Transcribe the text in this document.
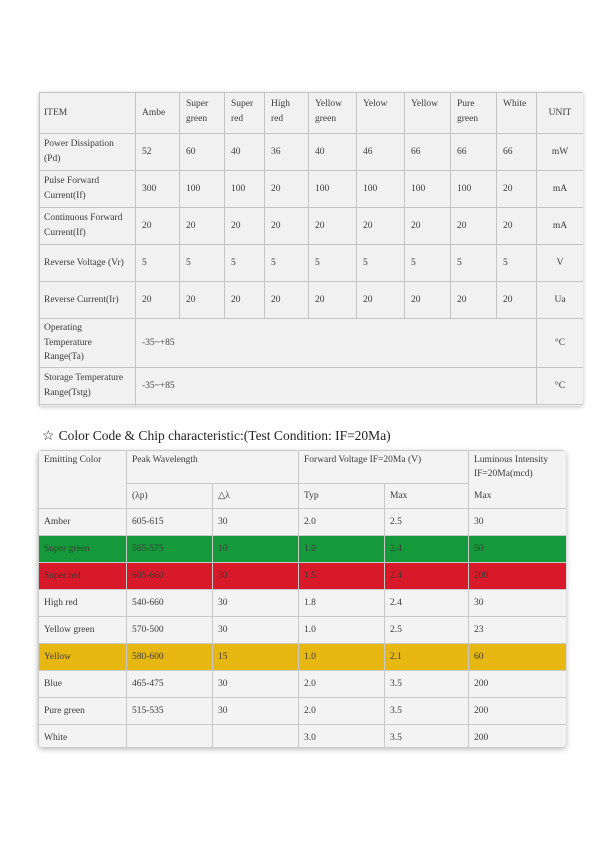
ITEM	Ambe	Super green	Super red	High red	Yellow green	Yelow	Yellow	Pure green	White	UNIT
Power Dissipation (Pd)	52	60	40	36	40	46	66	66	66	mW
Pulse Forward Current(If)	300	100	100	20	100	100	100	100	20	mA
Continuous Forward Current(If)	20	20	20	20	20	20	20	20	20	mA
Reverse Voltage (Vr)	5	5	5	5	5	5	5	5	5	V
Reverse Current(Ir)	20	20	20	20	20	20	20	20	20	Ua
Operating Temperature Range(Ta)	-35~+85									°C
Storage Temperature Range(Tstg)	-35~+85									°C

☆ Color Code & Chip characteristic:(Test Condition: IF=20Ma)
Emitting Color	Peak Wavelength		Forward Voltage IF=20Ma (V)		Luminous Intensity IF=20Ma(mcd)
	(λp)	△λ	Typ	Max	Max
Amber	605-615	30	2.0	2.5	30
Super green	565-575	10	1.0	2.4	50
Super red	605-660	30	1.5	2.4	200
High red	540-660	30	1.8	2.4	30
Yellow green	570-500	30	1.0	2.5	23
Yellow	580-600	15	1.0	2.1	60
Blue	465-475	30	2.0	3.5	200
Pure green	515-535	30	2.0	3.5	200
White			3.0	3.5	200
